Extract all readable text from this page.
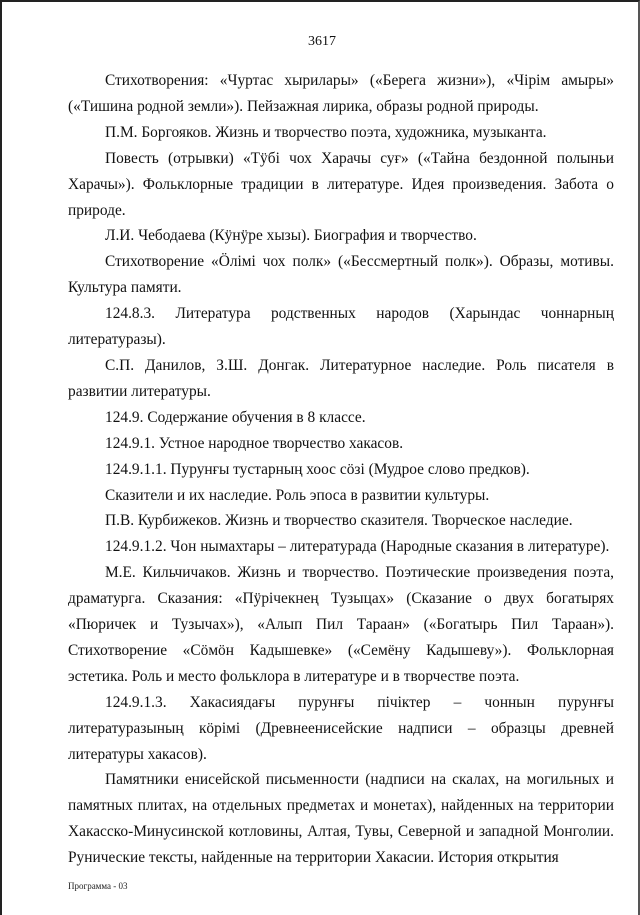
3617

Стихотворения: «Чуртас хырилары» («Берега жизни»), «Чірім амыры» («Тишина родной земли»). Пейзажная лирика, образы родной природы.

П.М. Боргояков. Жизнь и творчество поэта, художника, музыканта.

Повесть (отрывки) «Тӱбі чох Харачы суғ» («Тайна бездонной полыньи Харачы»). Фольклорные традиции в литературе. Идея произведения. Забота о природе.

Л.И. Чебодаева (Кӱнӱре хызы). Биография и творчество.

Стихотворение «Ӧлімі чох полк» («Бессмертный полк»). Образы, мотивы. Культура памяти.

124.8.3. Литература родственных народов (Харындас чоннарның литературазы).

С.П. Данилов, З.Ш. Донгак. Литературное наследие. Роль писателя в развитии литературы.

124.9. Содержание обучения в 8 классе.

124.9.1. Устное народное творчество хакасов.

124.9.1.1. Пурунғы тустарның хоос сӧзі (Мудрое слово предков).

Сказители и их наследие. Роль эпоса в развитии культуры.

П.В. Курбижеков. Жизнь и творчество сказителя. Творческое наследие.

124.9.1.2. Чон нымахтары – литературада (Народные сказания в литературе).

М.Е. Кильчичаков. Жизнь и творчество. Поэтические произведения поэта, драматурга. Сказания: «Пӱрічекнең Тузыцах» (Сказание о двух богатырях «Пюричек и Тузычах»), «Алып Пил Тараан» («Богатырь Пил Тараан»). Стихотворение «Сӧмӧн Кадышевке» («Семёну Кадышеву»). Фольклорная эстетика. Роль и место фольклора в литературе и в творчестве поэта.

124.9.1.3. Хакасиядағы пурунғы пічіктер – чоннын пурунғы литературазының кӧрімі (Древнеенисейские надписи – образцы древней литературы хакасов).

Памятники енисейской письменности (надписи на скалах, на могильных и памятных плитах, на отдельных предметах и монетах), найденных на территории Хакасско-Минусинской котловины, Алтая, Тувы, Северной и западной Монголии. Рунические тексты, найденные на территории Хакасии. История открытия

Программа - 03
